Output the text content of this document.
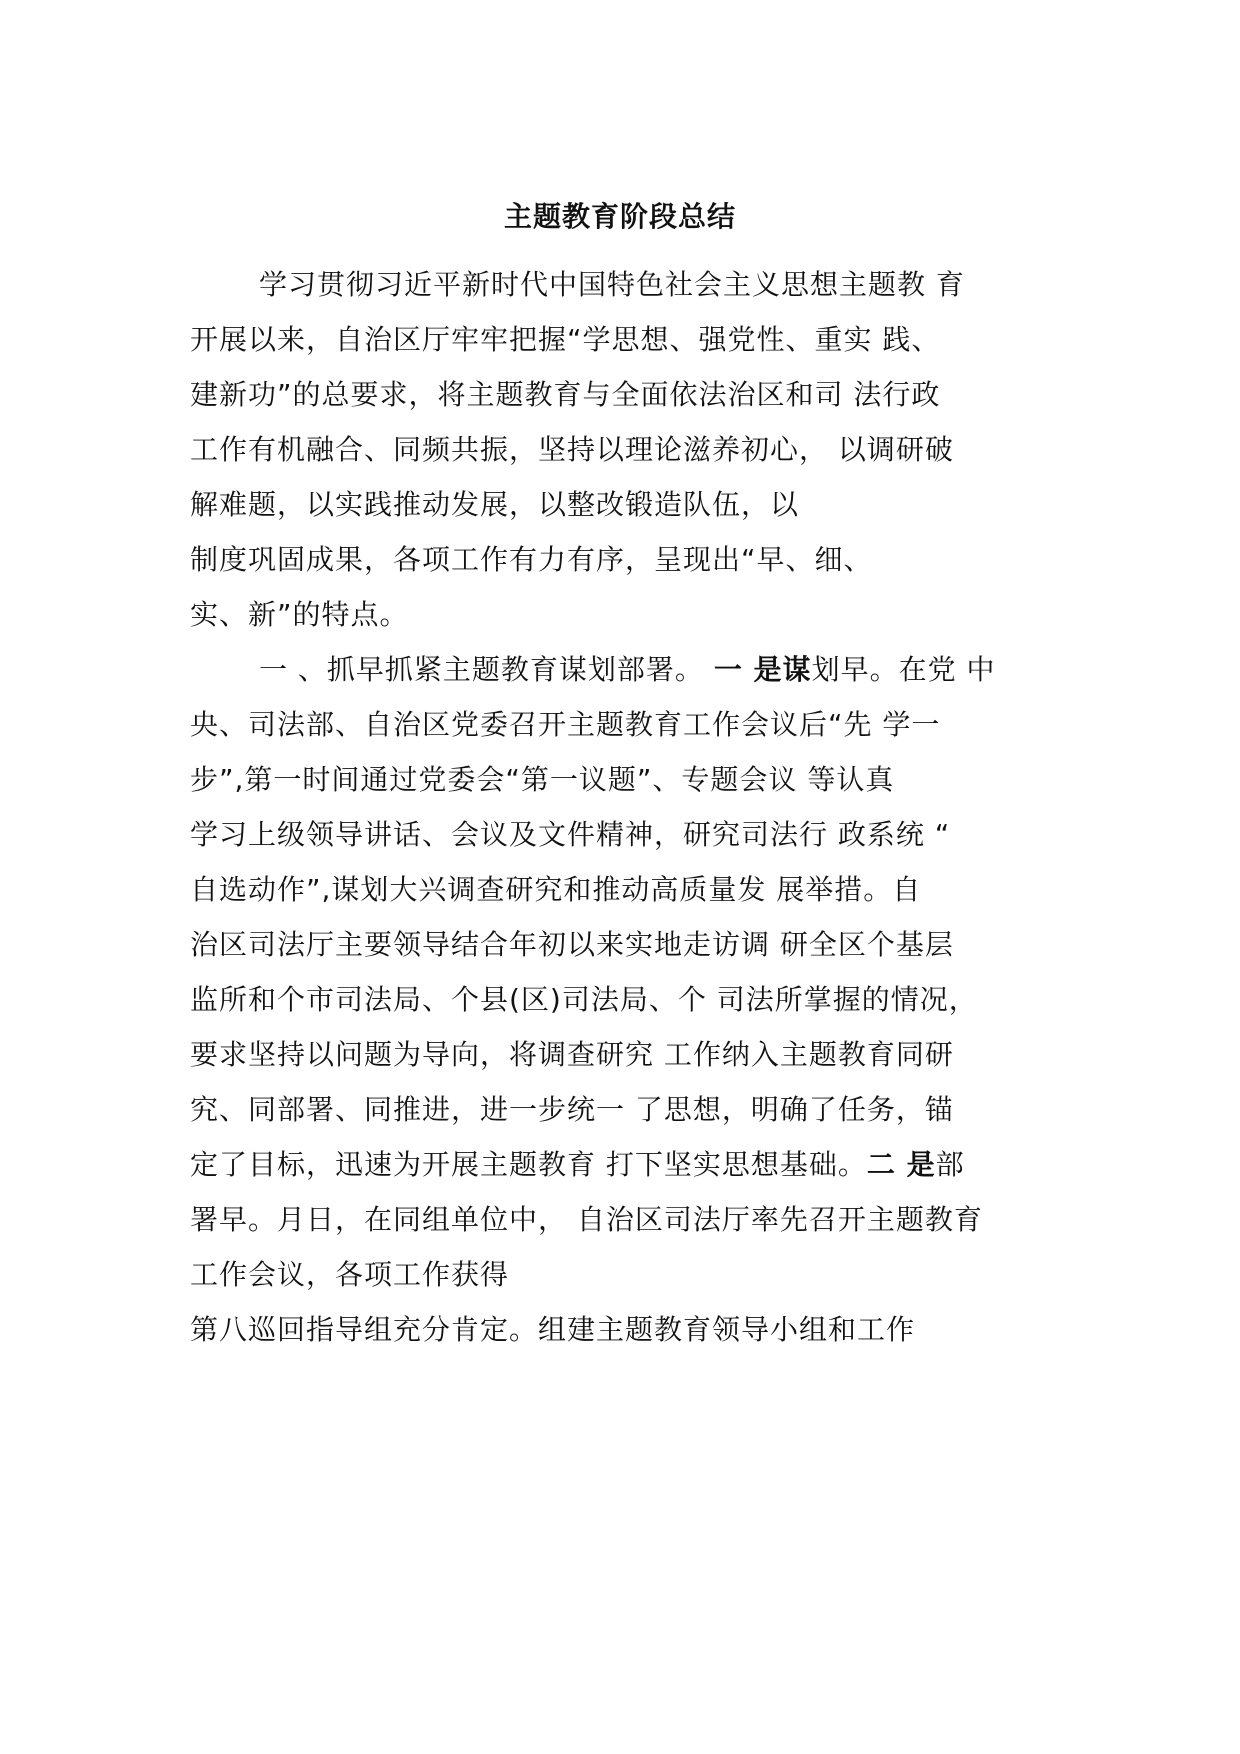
主题教育阶段总结
学习贯彻习近平新时代中国特色社会主义思想主题教 育
开展以来，自治区厅牢牢把握“学思想、强党性、重实 践、
建新功”的总要求，将主题教育与全面依法治区和司 法行政
工作有机融合、同频共振，坚持以理论滋养初心， 以调研破
解难题，以实践推动发展，以整改锻造队伍，以
制度巩固成果，各项工作有力有序，呈现出“早、细、
实、新”的特点。
一 、抓早抓紧主题教育谋划部署。 一 是谋划早。在党 中
央、司法部、自治区党委召开主题教育工作会议后“先 学一
步”,第一时间通过党委会“第一议题”、专题会议 等认真
学习上级领导讲话、会议及文件精神，研究司法行 政系统 “
自选动作”,谋划大兴调查研究和推动高质量发 展举措。自
治区司法厅主要领导结合年初以来实地走访调 研全区个基层
监所和个市司法局、个县(区)司法局、个 司法所掌握的情况，
要求坚持以问题为导向，将调查研究 工作纳入主题教育同研
究、同部署、同推进，进一步统一 了思想，明确了任务，锚
定了目标，迅速为开展主题教育 打下坚实思想基础。二 是部
署早。月日，在同组单位中， 自治区司法厅率先召开主题教育
工作会议，各项工作获得
第八巡回指导组充分肯定。组建主题教育领导小组和工作
